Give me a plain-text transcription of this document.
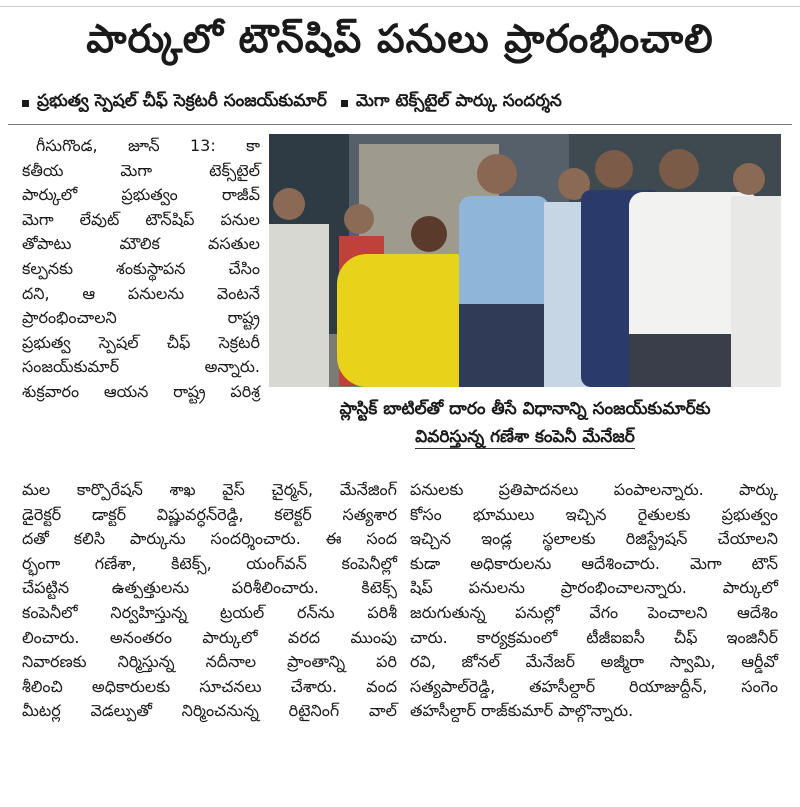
పార్కులో టౌన్‌షిప్ పనులు ప్రారంభించాలి
ప్రభుత్వ స్పెషల్ చీఫ్ సెక్రటరీ సంజయ్‌కుమార్ మెగా టెక్స్‌టైల్ పార్కు సందర్శన

గీసుగొండ, జూన్ 13: కా

కతీయ మెగా టెక్స్‌టైల్

పార్కులో ప్రభుత్వం రాజీవ్

మెగా లేవుట్ టౌన్‌షిప్ పనుల

తోపాటు మౌలిక వసతుల

కల్పనకు శంకుస్థాపన చేసిం

దని, ఆ పనులను వెంటనే

ప్రారంభించాలని రాష్ట్ర

ప్రభుత్వ స్పెషల్ చీఫ్ సెక్రటరీ

సంజయ్‌కుమార్ అన్నారు.

శుక్రవారం ఆయన రాష్ట్ర పరిశ్ర

ప్లాస్టిక్ బాటిల్‌తో దారం తీసే విధానాన్ని సంజయ్‌కుమార్‌కు
వివరిస్తున్న గణేశా కంపెనీ మేనేజర్

మల కార్పొరేషన్ శాఖ వైస్ చైర్మన్, మేనేజింగ్

డైరెక్టర్ డాక్టర్ విష్ణువర్ధన్‌రెడ్డి, కలెక్టర్ సత్యశార

దతో కలిసి పార్కును సందర్శించారు. ఈ సంద

ర్భంగా గణేశా, కిటెక్స్, యంగ్‌వన్ కంపెనీల్లో

చేపట్టిన ఉత్పత్తులను పరిశీలించారు. కిటెక్స్

కంపెనీలో నిర్వహిస్తున్న ట్రయల్ రన్‌ను పరిశీ

లించారు. అనంతరం పార్కులో వరద ముంపు

నివారణకు నిర్మిస్తున్న నదీనాల ప్రాంతాన్ని పరి

శీలించి అధికారులకు సూచనలు చేశారు. వంద

మీటర్ల వెడల్పుతో నిర్మించనున్న రిటైనింగ్ వాల్

పనులకు ప్రతిపాదనలు పంపాలన్నారు. పార్కు

కోసం భూములు ఇచ్చిన రైతులకు ప్రభుత్వం

ఇచ్చిన ఇండ్ల స్థలాలకు రిజిస్ట్రేషన్ చేయాలని

కుడా అధికారులను ఆదేశించారు. మెగా టౌన్

షిప్ పనులను ప్రారంభించాలన్నారు. పార్కులో

జరుగుతున్న పనుల్లో వేగం పెంచాలని ఆదేశిం

చారు. కార్యక్రమంలో టీజీఐఐసీ చీఫ్ ఇంజినీర్

రవి, జోనల్ మేనేజర్ అజ్మీరా స్వామి, ఆర్డీవో

సత్యపాల్‌రెడ్డి, తహసీల్దార్ రియాజుద్దీన్, సంగెం

తహసీల్దార్ రాజ్‌కుమార్ పాల్గొన్నారు.
